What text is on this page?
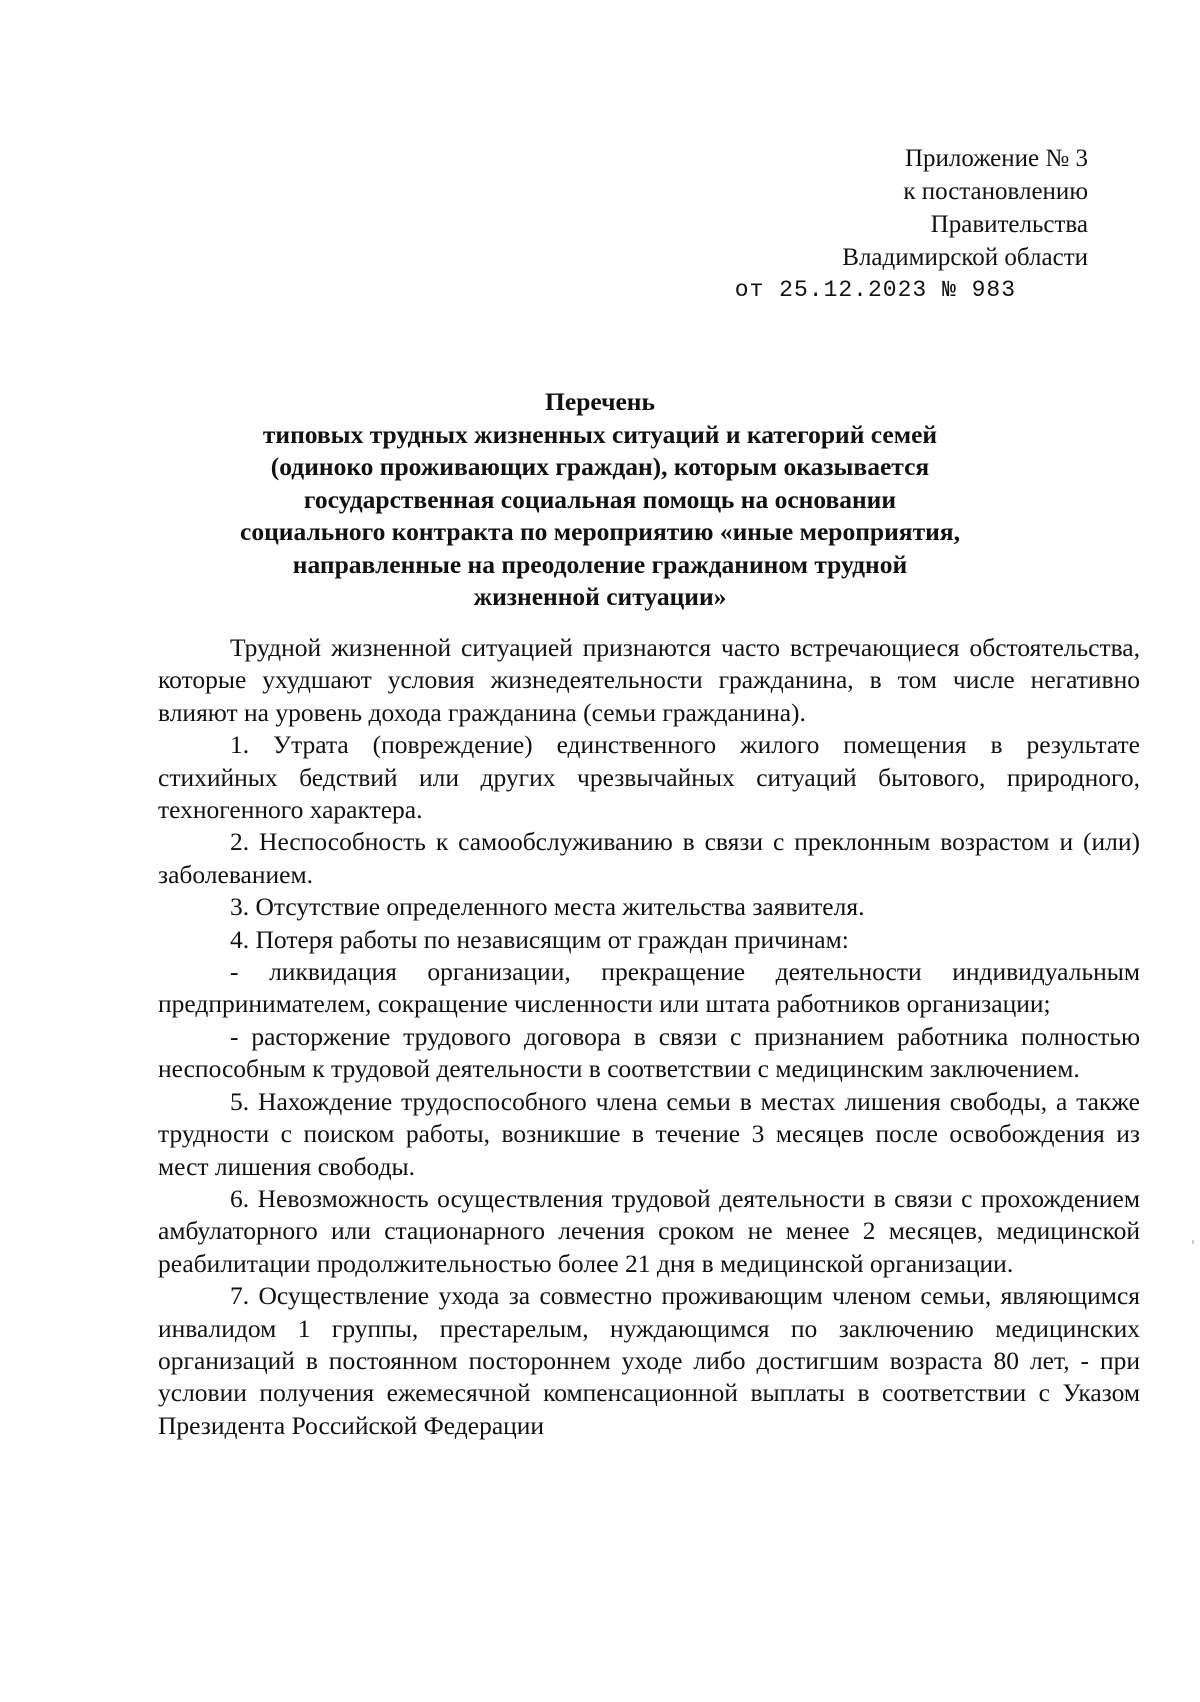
Приложение № 3
к постановлению
Правительства
Владимирской области
от 25.12.2023 № 983
Перечень
типовых трудных жизненных ситуаций и категорий семей
(одиноко проживающих граждан), которым оказывается
государственная социальная помощь на основании
социального контракта по мероприятию «иные мероприятия,
направленные на преодоление гражданином трудной
жизненной ситуации»

Трудной жизненной ситуацией признаются часто встречающиеся обстоятельства, которые ухудшают условия жизнедеятельности гражданина, в том числе негативно влияют на уровень дохода гражданина (семьи гражданина).

1. Утрата (повреждение) единственного жилого помещения в результате стихийных бедствий или других чрезвычайных ситуаций бытового, природного, техногенного характера.

2. Неспособность к самообслуживанию в связи с преклонным возрастом и (или) заболеванием.

3. Отсутствие определенного места жительства заявителя.

4. Потеря работы по независящим от граждан причинам:

- ликвидация организации, прекращение деятельности индивидуальным предпринимателем, сокращение численности или штата работников организации;

- расторжение трудового договора в связи с признанием работника полностью неспособным к трудовой деятельности в соответствии с медицинским заключением.

5. Нахождение трудоспособного члена семьи в местах лишения свободы, а также трудности с поиском работы, возникшие в течение 3 месяцев после освобождения из мест лишения свободы.

6. Невозможность осуществления трудовой деятельности в связи с прохождением амбулаторного или стационарного лечения сроком не менее 2 месяцев, медицинской реабилитации продолжительностью более 21 дня в медицинской организации.

7. Осуществление ухода за совместно проживающим членом семьи, являющимся инвалидом 1 группы, престарелым, нуждающимся по заключению медицинских организаций в постоянном постороннем уходе либо достигшим возраста 80 лет, - при условии получения ежемесячной компенсационной выплаты в соответствии с Указом Президента Российской Федерации
